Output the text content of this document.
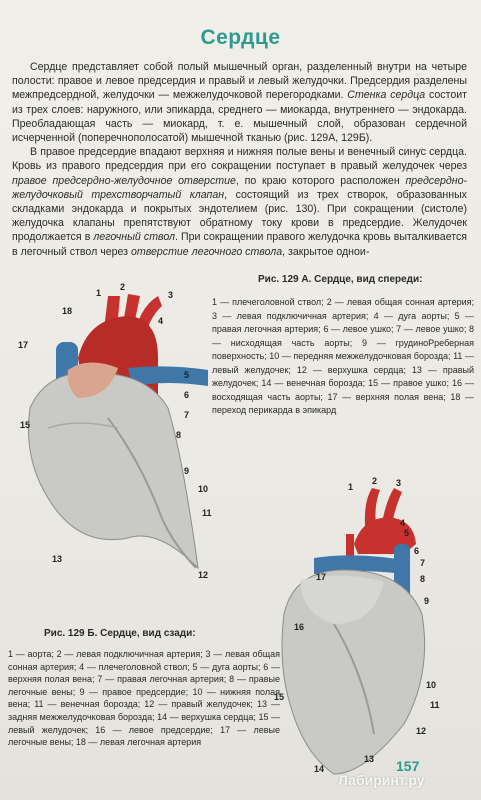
Сердце

Сердце представляет собой полый мышечный орган, разделенный внутри на четыре полости: правое и левое предсердия и правый и левый желудочки. Предсердия разделены межпредсердной, желудочки — межжелудочковой перегородками. Стенка сердца состоит из трех слоев: наружного, или эпикарда, среднего — миокарда, внутреннего — эндокарда. Преобладающая часть — миокард, т. е. мышечный слой, образован сердечной исчерченной (поперечнополосатой) мышечной тканью (рис. 129А, 129Б).

В правое предсердие впадают верхняя и нижняя полые вены и венечный синус сердца. Кровь из правого предсердия при его сокращении поступает в правый желудочек через правое предсердно-желудочное отверстие, по краю которого расположен предсердно-желудочковый трехстворчатый клапан, состоящий из трех створок, образованных складками эндокарда и покрытых эндотелием (рис. 130). При сокращении (систоле) желудочка клапаны препятствуют обратному току крови в предсердие. Желудочек продолжается в легочный ствол. При сокращении правого желудочка кровь выталкивается в легочный ствол через отверстие легочного ствола, закрытое однои-

1
2
3
4
5
6
7
8
9
10
11
12
13
15
17
18
Рис. 129 А. Сердце, вид спереди:
1 — плечеголовной ствол; 2 — левая общая сонная артерия; 3 — левая подключичная артерия; 4 — дуга аорты; 5 — правая легочная артерия; 6 — левое ушко; 7 — левое ушко; 8 — нисходящая часть аорты; 9 — грудиноРреберная поверхность; 10 — передняя межжелудочковая борозда; 11 — левый желудочек; 12 — верхушка сердца; 13 — правый желудочек; 14 — венечная борозда; 15 — правое ушко; 16 — восходящая часть аорты; 17 — верхняя полая вена; 18 — переход перикарда в эпикард
1
2 3
4
5
6
7
8
9
10
11
12
13
14
15
16
17
Рис. 129 Б. Сердце, вид сзади:
1 — аорта; 2 — левая подключичная артерия; 3 — левая общая сонная артерия; 4 — плечеголовной ствол; 5 — дуга аорты; 6 — верхняя полая вена; 7 — правая легочная артерия; 8 — правые легочные вены; 9 — правое предсердие; 10 — нижняя полая вена; 11 — венечная борозда; 12 — правый желудочек; 13 — задняя межжелудочковая борозда; 14 — верхушка сердца; 15 — левый желудочек; 16 — левое предсердие; 17 — левые легочные вены; 18 — левая легочная артерия
157
Лабиринт.ру
